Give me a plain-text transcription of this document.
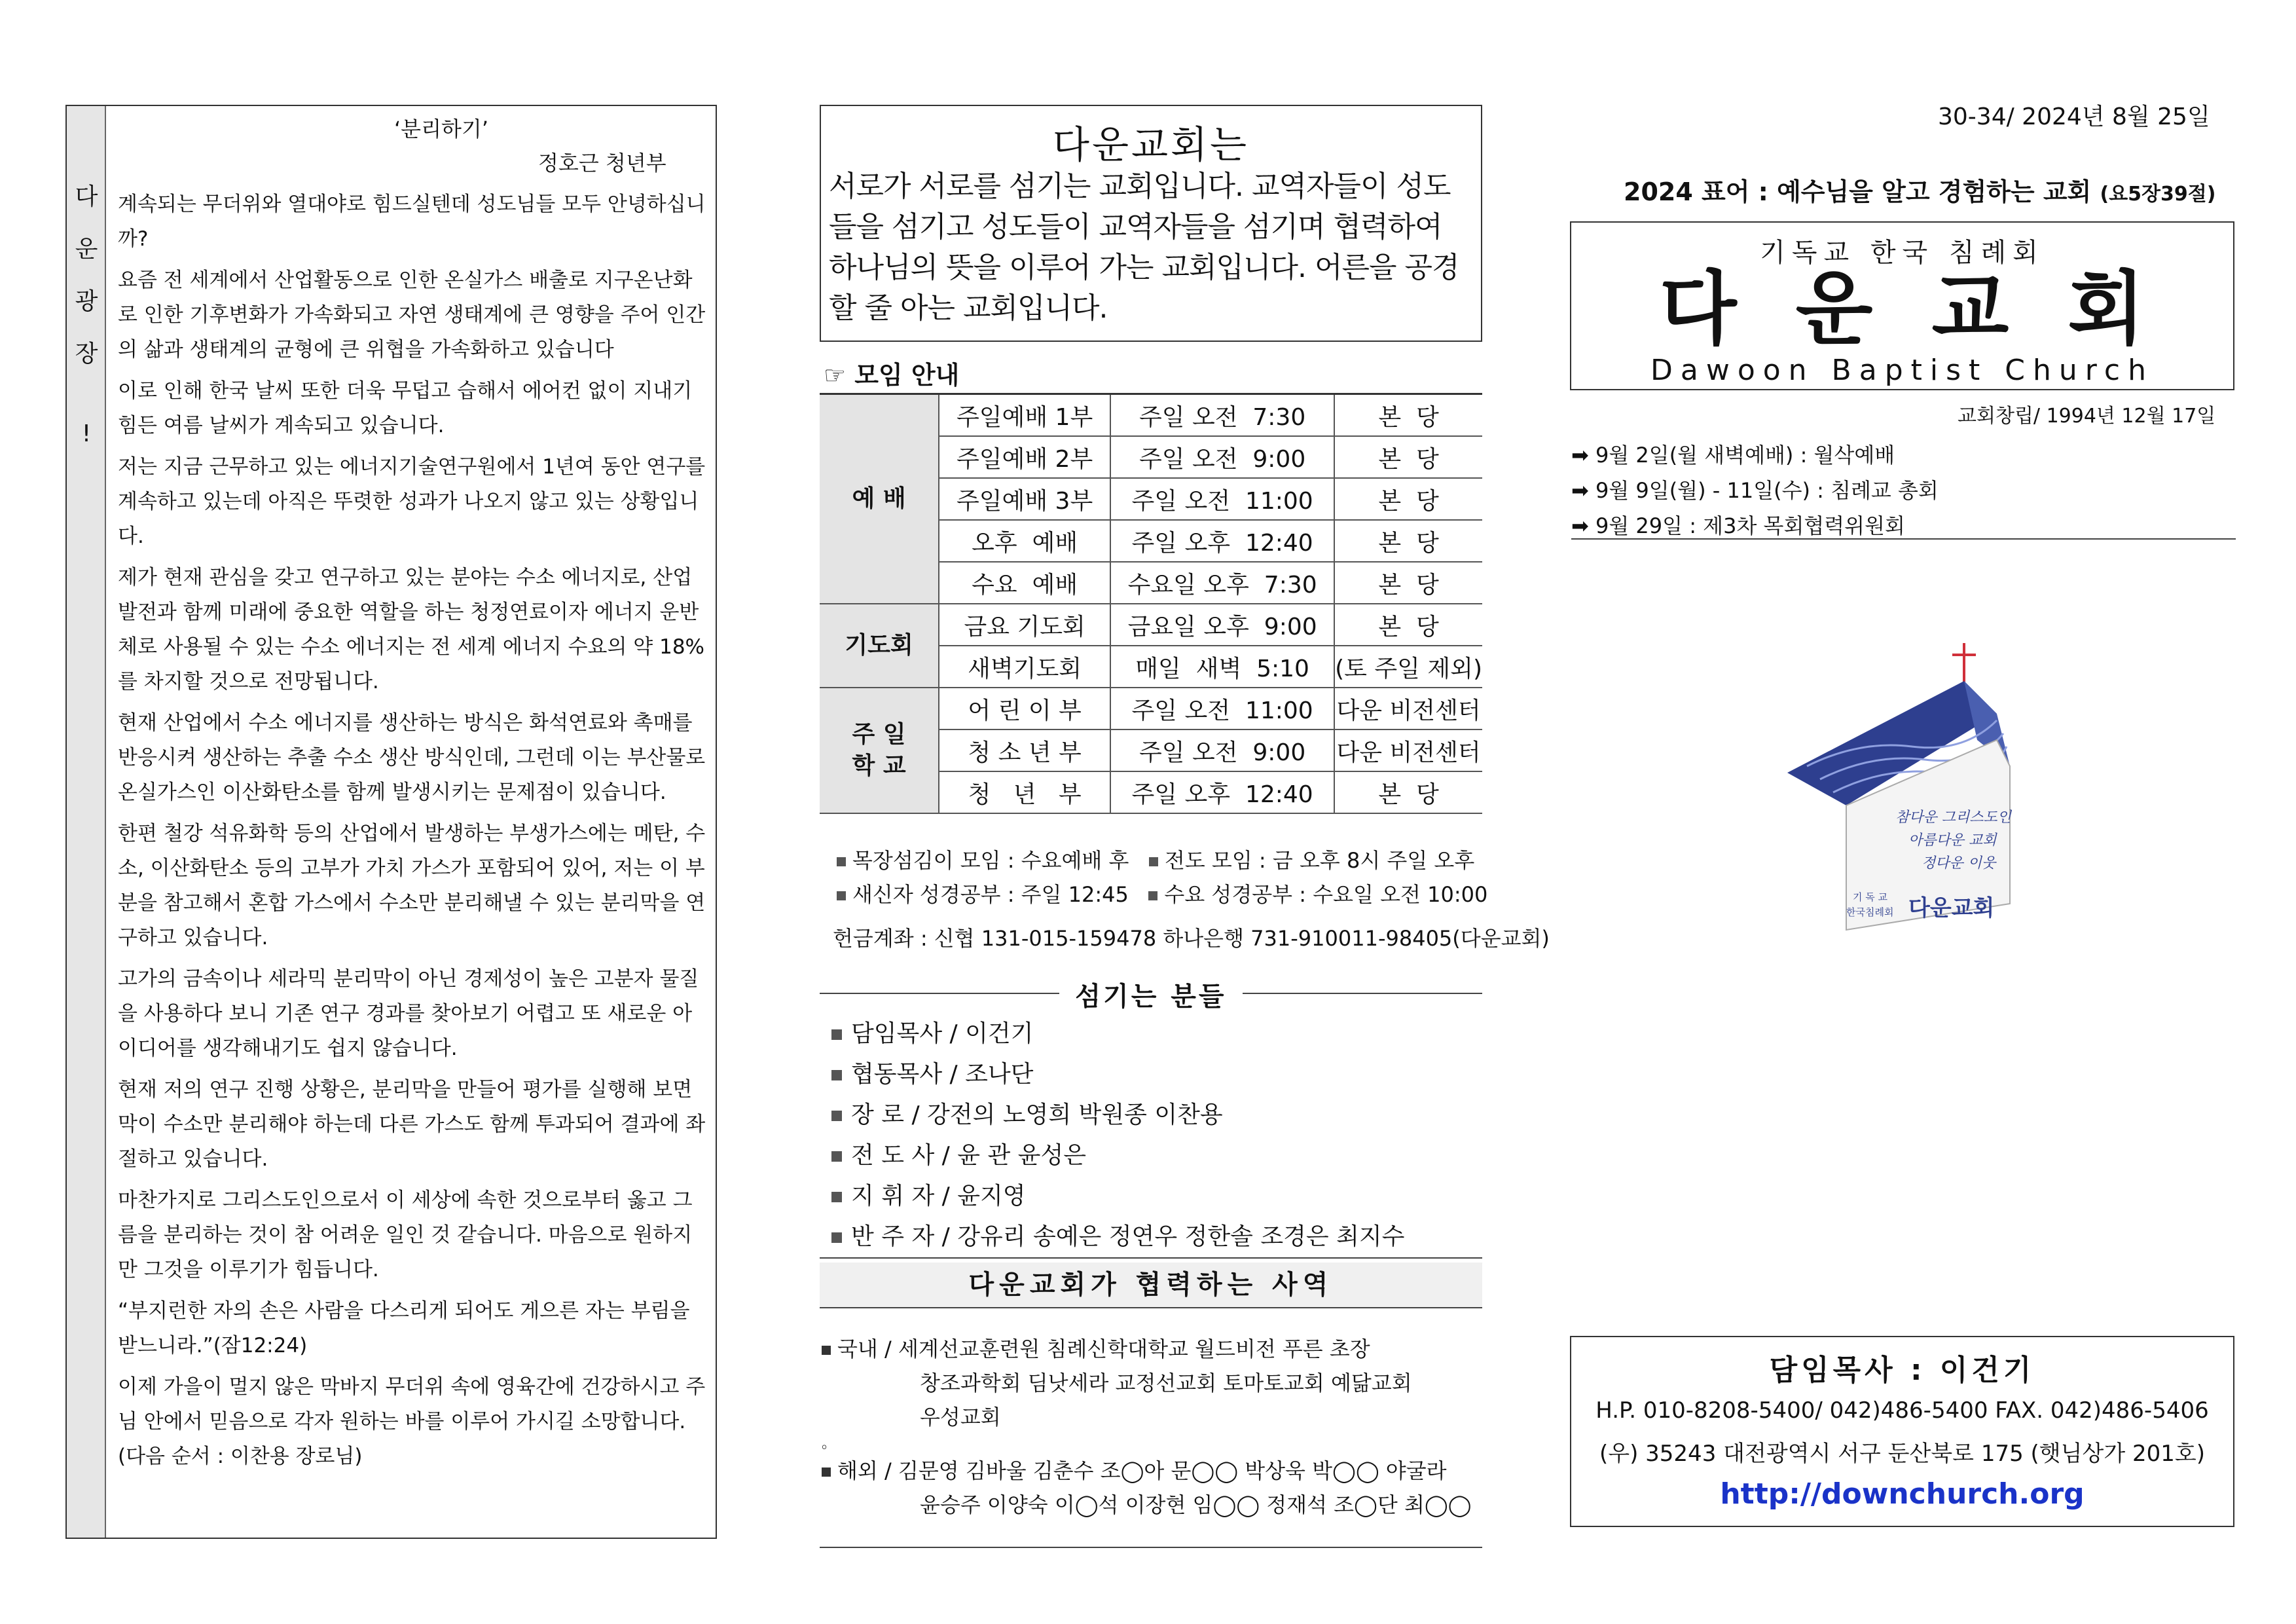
다
운
광
장
!
‘분리하기’
정호근 청년부

계속되는 무더위와 열대야로 힘드실텐데 성도님들 모두 안녕하십니까?

요즘 전 세계에서 산업활동으로 인한 온실가스 배출로 지구온난화로 인한 기후변화가 가속화되고 자연 생태계에 큰 영향을 주어 인간의 삶과 생태계의 균형에 큰 위협을 가속화하고 있습니다

이로 인해 한국 날씨 또한 더욱 무덥고 습해서 에어컨 없이 지내기 힘든 여름 날씨가 계속되고 있습니다.

저는 지금 근무하고 있는 에너지기술연구원에서 1년여 동안 연구를 계속하고 있는데 아직은 뚜렷한 성과가 나오지 않고 있는 상황입니다.

제가 현재 관심을 갖고 연구하고 있는 분야는 수소 에너지로, 산업 발전과 함께 미래에 중요한 역할을 하는 청정연료이자 에너지 운반체로 사용될 수 있는 수소 에너지는 전 세계 에너지 수요의 약 18%를 차지할 것으로 전망됩니다.

현재 산업에서 수소 에너지를 생산하는 방식은 화석연료와 촉매를 반응시켜 생산하는 추출 수소 생산 방식인데, 그런데 이는 부산물로 온실가스인 이산화탄소를 함께 발생시키는 문제점이 있습니다.

한편 철강 석유화학 등의 산업에서 발생하는 부생가스에는 메탄, 수소, 이산화탄소 등의 고부가 가치 가스가 포함되어 있어, 저는 이 부분을 참고해서 혼합 가스에서 수소만 분리해낼 수 있는 분리막을 연구하고 있습니다.

고가의 금속이나 세라믹 분리막이 아닌 경제성이 높은 고분자 물질을 사용하다 보니 기존 연구 경과를 찾아보기 어렵고 또 새로운 아이디어를 생각해내기도 쉽지 않습니다.

현재 저의 연구 진행 상황은, 분리막을 만들어 평가를 실행해 보면 막이 수소만 분리해야 하는데 다른 가스도 함께 투과되어 결과에 좌절하고 있습니다.

마찬가지로 그리스도인으로서 이 세상에 속한 것으로부터 옳고 그름을 분리하는 것이 참 어려운 일인 것 같습니다. 마음으로 원하지만 그것을 이루기가 힘듭니다.

“부지런한 자의 손은 사람을 다스리게 되어도 게으른 자는 부림을 받느니라.”(잠12:24)

이제 가을이 멀지 않은 막바지 무더위 속에 영육간에 건강하시고 주님 안에서 믿음으로 각자 원하는 바를 이루어 가시길 소망합니다. (다음 순서 : 이찬용 장로님)

다운교회는
서로가 서로를 섬기는 교회입니다. 교역자들이 성도들을 섬기고 성도들이 교역자들을 섬기며 협력하여 하나님의 뜻을 이루어 가는 교회입니다. 어른을 공경할 줄 아는 교회입니다.
☞ 모임 안내
예 배	주일예배 1부	주일 오전  7:30	본  당
	주일예배 2부	주일 오전  9:00	본  당
	주일예배 3부	주일 오전  11:00	본  당
	오후  예배	주일 오후  12:40	본  당
	수요  예배	수요일 오후  7:30	본  당
기도회	금요 기도회	금요일 오후  9:00	본  당
	새벽기도회	매일  새벽  5:10	(토 주일 제외)
주 일 학 교	어 린 이 부	주일 오전  11:00	다운 비전센터
	청 소 년 부	주일 오전  9:00	다운 비전센터
	청   년   부	주일 오후  12:40	본  당
목장섬김이 모임 : 수요예배 후 전도 모임 : 금 오후 8시 주일 오후
새신자 성경공부 : 주일 12:45 수요 성경공부 : 수요일 오전 10:00
헌금계좌 : 신협 131-015-159478 하나은행 731-910011-98405(다운교회)
섬기는 분들
담임목사 / 이건기
협동목사 / 조나단
장 로 / 강전의 노영희 박원종 이찬용
전 도 사 / 윤 관 윤성은
지 휘 자 / 윤지영
반 주 자 / 강유리 송예은 정연우 정한솔 조경은 최지수
다운교회가 협력하는 사역
국내 / 세계선교훈련원 침례신학대학교 월드비전 푸른 초장
창조과학회 딤낫세라 교정선교회 토마토교회 예닮교회
우성교회
。
해외 / 김문영 김바울 김춘수 조◯아 문◯◯ 박상욱 박◯◯ 야굴라
윤승주 이양숙 이◯석 이장현 임◯◯ 정재석 조◯단 최◯◯
30-34/ 2024년 8월 25일
2024 표어 : 예수님을 알고 경험하는 교회 (요5장39절)
기독교 한국 침례회
다운교회
Dawoon Baptist Church
교회창립/ 1994년 12월 17일
➡ 9월 2일(월 새벽예배) : 월삭예배
➡ 9월 9일(월) - 11일(수) : 침례교 총회
➡ 9월 29일 : 제3차 목회협력위원회
참다운 그리스도인
아름다운 교회
정다운 이웃
기 독 교
한국침례회 다운교회
담임목사 : 이건기
H.P. 010-8208-5400/ 042)486-5400 FAX. 042)486-5406
(우) 35243 대전광역시 서구 둔산북로 175 (햇님상가 201호)
http://downchurch.org
